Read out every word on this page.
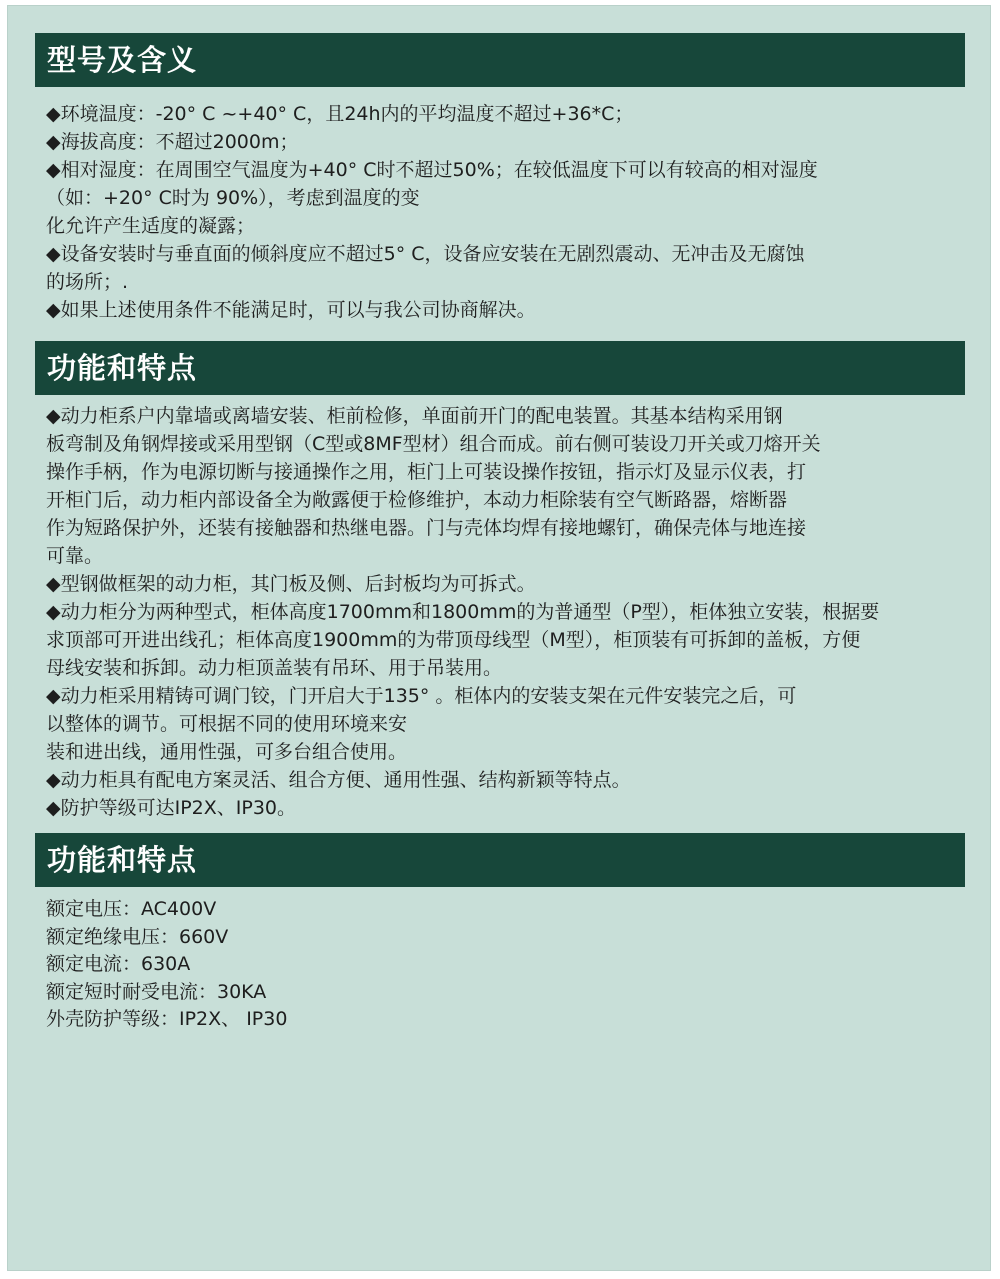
型号及含义
◆环境温度：-20° C ~+40° C，且24h内的平均温度不超过+36*C；
◆海拔高度：不超过2000m；
◆相对湿度：在周围空气温度为+40° C时不超过50%；在较低温度下可以有较高的相对湿度
（如：+20° C时为 90%），考虑到温度的变
化允许产生适度的凝露；
◆设备安装时与垂直面的倾斜度应不超过5° C，设备应安装在无剧烈震动、无冲击及无腐蚀
的场所；.
◆如果上述使用条件不能满足时，可以与我公司协商解决。
功能和特点
◆动力柜系户内靠墙或离墙安装、柜前检修，单面前开门的配电装置。其基本结构采用钢
板弯制及角钢焊接或采用型钢（C型或8MF型材）组合而成。前右侧可装设刀开关或刀熔开关
操作手柄，作为电源切断与接通操作之用，柜门上可装设操作按钮，指示灯及显示仪表，打
开柜门后，动力柜内部设备全为敞露便于检修维护，本动力柜除装有空气断路器，熔断器
作为短路保护外，还装有接触器和热继电器。门与壳体均焊有接地螺钉，确保壳体与地连接
可靠。
◆型钢做框架的动力柜，其门板及侧、后封板均为可拆式。
◆动力柜分为两种型式，柜体高度1700mm和1800mm的为普通型（P型），柜体独立安装，根据要
求顶部可开进出线孔；柜体高度1900mm的为带顶母线型（M型），柜顶装有可拆卸的盖板，方便
母线安装和拆卸。动力柜顶盖装有吊环、用于吊装用。
◆动力柜采用精铸可调门铰，门开启大于135° 。柜体内的安装支架在元件安装完之后，可
以整体的调节。可根据不同的使用环境来安
装和进出线，通用性强，可多台组合使用。
◆动力柜具有配电方案灵活、组合方便、通用性强、结构新颖等特点。
◆防护等级可达IP2X、IP30。
功能和特点
额定电压：AC400V
额定绝缘电压：660V
额定电流：630A
额定短时耐受电流：30KA
外壳防护等级：IP2X、 IP30
